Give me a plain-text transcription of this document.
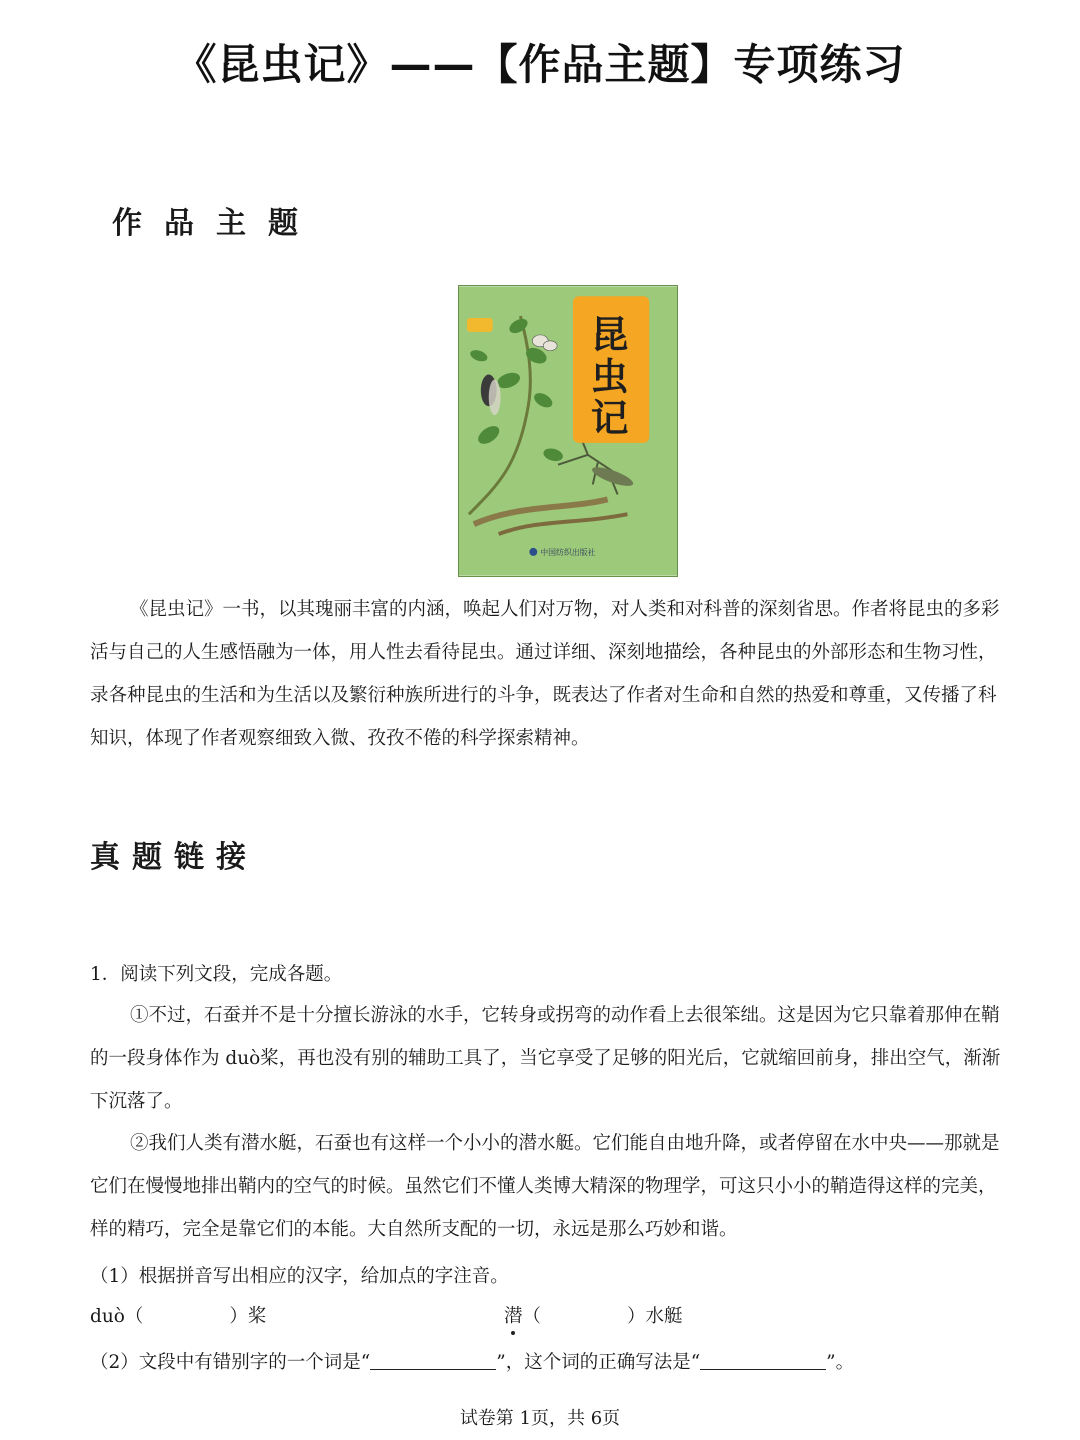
《昆虫记》——【作品主题】专项练习
作品主题
昆
虫
记
中国纺织出版社

《昆虫记》一书，以其瑰丽丰富的内涵，唤起人们对万物，对人类和对科普的深刻省思。作者将昆虫的多彩

活与自己的人生感悟融为一体，用人性去看待昆虫。通过详细、深刻地描绘，各种昆虫的外部形态和生物习性，

录各种昆虫的生活和为生活以及繁衍种族所进行的斗争，既表达了作者对生命和自然的热爱和尊重，又传播了科

知识，体现了作者观察细致入微、孜孜不倦的科学探索精神。

真题链接
1．阅读下列文段，完成各题。

①不过，石蚕并不是十分擅长游泳的水手，它转身或拐弯的动作看上去很笨绌。这是因为它只靠着那伸在鞘

的一段身体作为 duò桨，再也没有别的辅助工具了，当它享受了足够的阳光后，它就缩回前身，排出空气，渐渐

下沉落了。

②我们人类有潜水艇，石蚕也有这样一个小小的潜水艇。它们能自由地升降，或者停留在水中央——那就是

它们在慢慢地排出鞘内的空气的时候。虽然它们不懂人类博大精深的物理学，可这只小小的鞘造得这样的完美，

样的精巧，完全是靠它们的本能。大自然所支配的一切，永远是那么巧妙和谐。

（1）根据拼音写出相应的汉字，给加点的字注音。
duò（	）桨	潜（	）水艇
（2）文段中有错别字的一个词是“	”，这个词的正确写法是“	”。
试卷第 1页，共 6页
